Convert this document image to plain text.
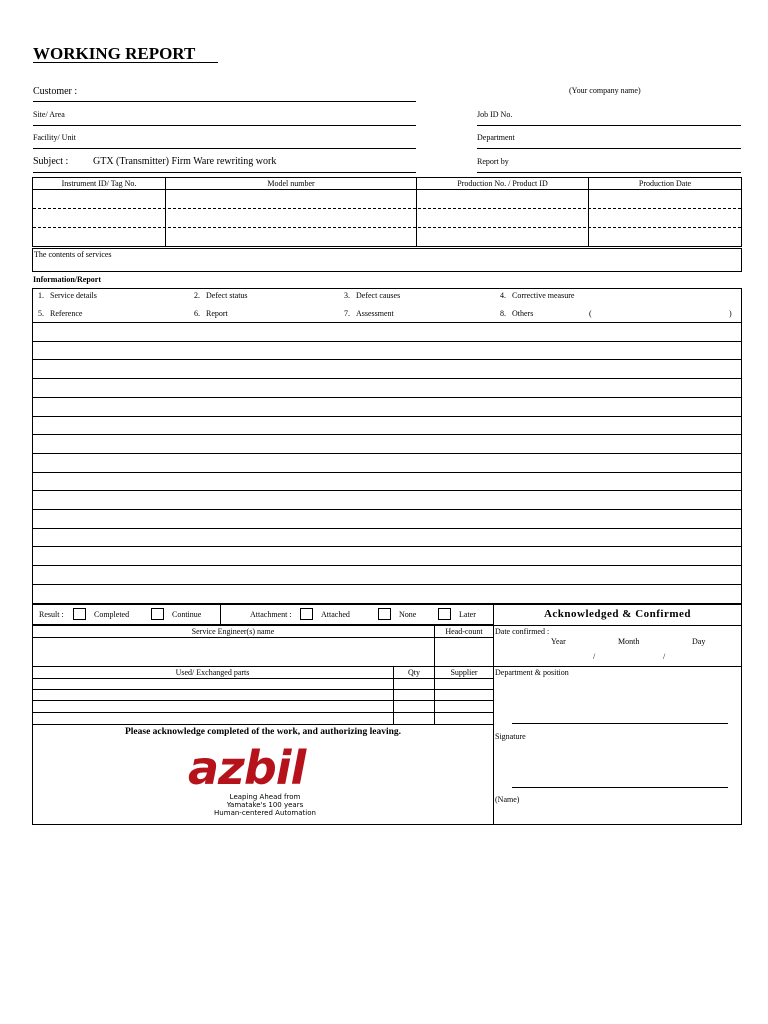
WORKING REPORT
Customer :	(Your company name)
Site/ Area	Job ID No.
Facility/ Unit	Department
Subject : GTX (Transmitter) Firm Ware rewriting work	Report by
Instrument ID/ Tag No.	Model number	Production No. / Product ID	Production Date
The contents of services
Information/Report
1. Service details	2. Defect status	3. Defect causes	4. Corrective measure
5. Reference	6. Report	7. Assessment	8. Others	(	)
Result :	Completed	Continue	Attachment :	Attached	None	Later
Service Engineer(s) name	Head-count
Used/ Exchanged parts	Qty	Supplier
Please acknowledge completed of the work, and authorizing leaving.
azbil
Leaping Ahead from
Yamatake's 100 years
Human-centered Automation
Acknowledged & Confirmed
Date confirmed :
Year	Month	Day
/	/
Department & position
Signature
(Name)
